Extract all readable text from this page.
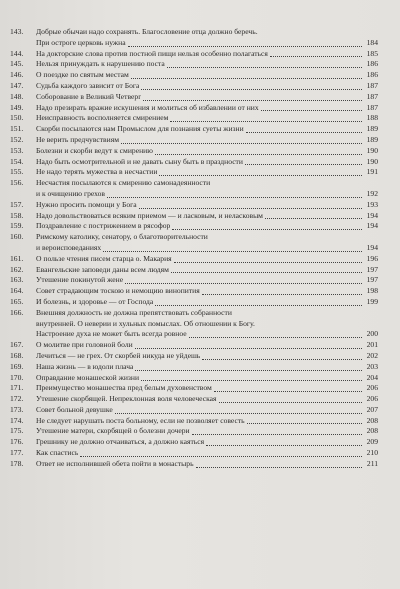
143.	Добрые обычаи надо сохранять. Благословение отца должно беречь.
При остроге церковь нужна	184
144.	На докторские слова против постной пищи нельзя особенно полагаться	185
145.	Нельзя принуждать к нарушению поста	186
146.	О поездке по святым местам	186
147.	Судьба каждого зависит от Бога	187
148.	Соборование в Великий Четверг	187
149.	Надо презирать вражие искушения и молиться об избавлении от них	187
150.	Неисправность восполняется смирением	188
151.	Скорби посылаются нам Промыслом для познания суеты жизни	189
152.	Не верить предчувствиям	189
153.	Болезни и скорби ведут к смирению	190
154.	Надо быть осмотрительной и не давать сыну быть в праздности	190
155.	Не надо терять мужества в несчастии	191
156.	Несчастия посылаются к смирению самонадеянности
и к очищению грехов	192
157.	Нужно просить помощи у Бога	193
158.	Надо довольствоваться всяким приемом — и ласковым, и неласковым	194
159.	Поздравление с пострижением в рясофор	194
160.	Римскому католику, сенатору, о благотворительности
и вероисповеданиях	194
161.	О пользе чтения писем старца о. Макария	196
162.	Евангельские заповеди даны всем людям	197
163.	Утешение покинутой жене	197
164.	Совет страдающим тоскою и немощию винопития	198
165.	И болезнь, и здоровье — от Господа	199
166.	Внешняя должность не должна препятствовать собранности
внутренней. О неверии и хульных помыслах. Об отношении к Богу.
Настроение духа не может быть всегда ровное	200
167.	О молитве при головной боли	201
168.	Лечиться — не грех. От скорбей никуда не уйдешь	202
169.	Наша жизнь — в юдоли плача	203
170.	Оправдание монашеской жизни	204
171.	Преимущество монашества пред белым духовенством	206
172.	Утешение скорбящей. Непреклонная воля человеческая	206
173.	Совет больной девушке	207
174.	Не следует нарушать поста больному, если не позволяет совесть	208
175.	Утешение матери, скорбящей о болезни дочери	208
176.	Грешнику не должно отчаиваться, а должно каяться	209
177.	Как спастись	210
178.	Ответ не исполнившей обета пойти в монастырь	211
